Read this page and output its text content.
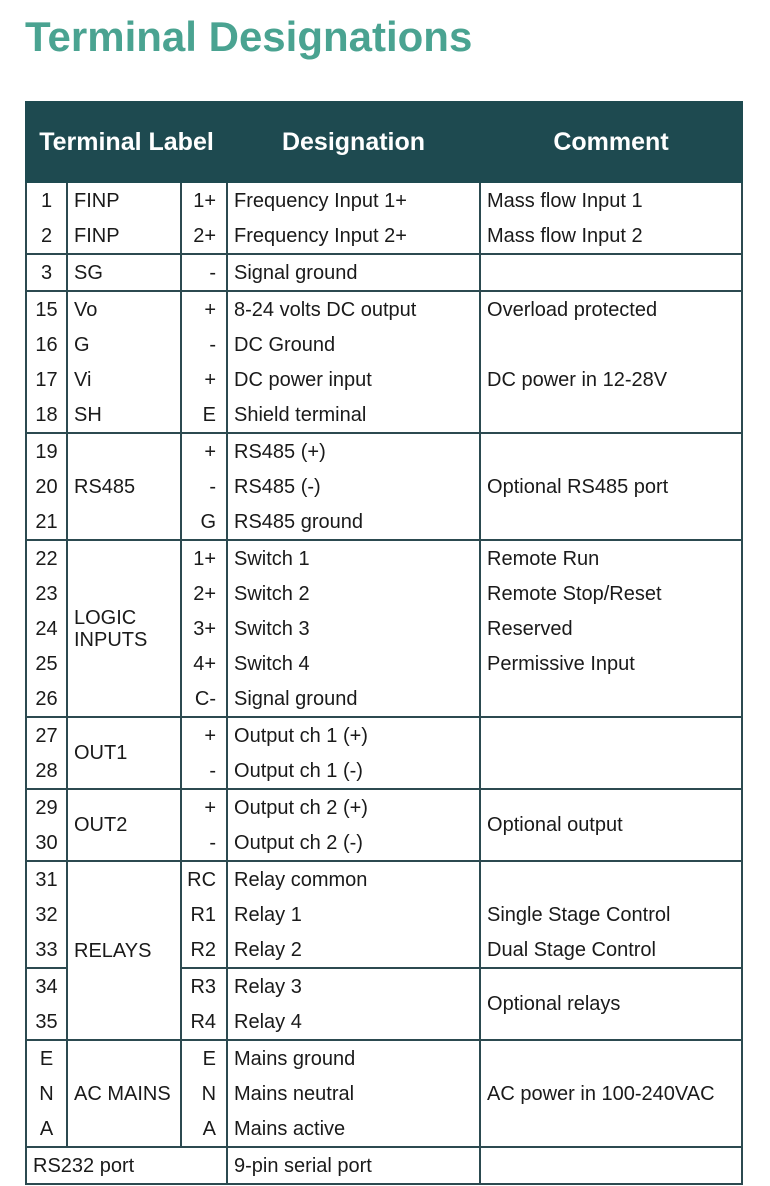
Terminal Designations
Terminal Label			Designation	Comment
1	FINP	1+	Frequency Input 1+	Mass flow Input 1
2	FINP	2+	Frequency Input 2+	Mass flow Input 2
3	SG	-	Signal ground	
15	Vo	+	8-24 volts DC output	Overload protected
16	G	-	DC Ground	
17	Vi	+	DC power input	DC power in 12-28V
18	SH	E	Shield terminal	
19	RS485	+	RS485 (+)	Optional RS485 port
20		-	RS485 (-)	
21		G	RS485 ground	
22	LOGIC INPUTS	1+	Switch 1	Remote Run
23		2+	Switch 2	Remote Stop/Reset
24		3+	Switch 3	Reserved
25		4+	Switch 4	Permissive Input
26		C-	Signal ground	
27	OUT1	+	Output ch 1 (+)	
28		-	Output ch 1 (-)	
29	OUT2	+	Output ch 2 (+)	Optional output
30		-	Output ch 2 (-)	
31	RELAYS	RC	Relay common	
32		R1	Relay 1	Single Stage Control
33		R2	Relay 2	Dual Stage Control
34		R3	Relay 3	Optional relays
35		R4	Relay 4	
E	AC MAINS	E	Mains ground	AC power in 100-240VAC
N		N	Mains neutral	
A		A	Mains active	
RS232 port			9-pin serial port	
